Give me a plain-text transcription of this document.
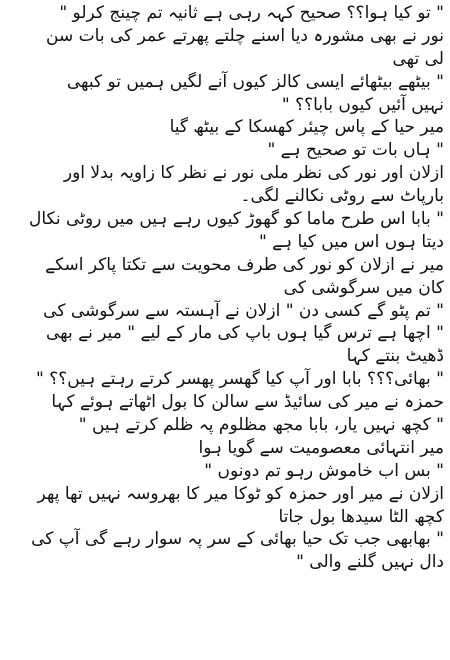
" تو کیا ہوا؟؟ صحیح کہہ رہی ہے ثانیہ تم چینج کرلو "
نور نے بھی مشورہ دیا اسنے چلتے پھرتے عمر کی بات سن
لی تھی
" بیٹھے بیٹھائے ایسی کالز کیوں آنے لگیں ہمیں تو کبھی
نہیں آئیں کیوں بابا؟؟ "
میر حیا کے پاس چیئر کھسکا کے بیٹھ گیا
" ہاں بات تو صحیح ہے "
ازلان اور نور کی نظر ملی نور نے نظر کا زاویہ بدلا اور
بارپاٹ سے روٹی نکالنے لگی۔
" بابا اس طرح ماما کو گھوڑ کیوں رہے ہیں میں روٹی نکال
دیتا ہوں اس میں کیا ہے "
میر نے ازلان کو نور کی طرف محویت سے تکتا پاکر اسکے
کان میں سرگوشی کی
" تم پٹو گے کسی دن " ازلان نے آہستہ سے سرگوشی کی
" اچھا ہے ترس گیا ہوں باپ کی مار کے لیے " میر نے بھی
ڈھیٹ بنتے کہا
" بھائی؟؟؟ بابا اور آپ کیا گھسر پھسر کرتے رہتے ہیں؟؟ "
حمزہ نے میر کی سائیڈ سے سالن کا بول اٹھاتے ہوئے کہا
" کچھ نہیں یار، بابا مجھ مظلوم پہ ظلم کرتے ہیں "
میر انتہائی معصومیت سے گویا ہوا
" بس اب خاموش رہو تم دونوں "
ازلان نے میر اور حمزہ کو ٹوکا میر کا بھروسہ نہیں تھا پھر
کچھ الٹا سیدھا بول جاتا
" بھابھی جب تک حیا بھائی کے سر پہ سوار رہے گی آپ کی
دال نہیں گلنے والی "
